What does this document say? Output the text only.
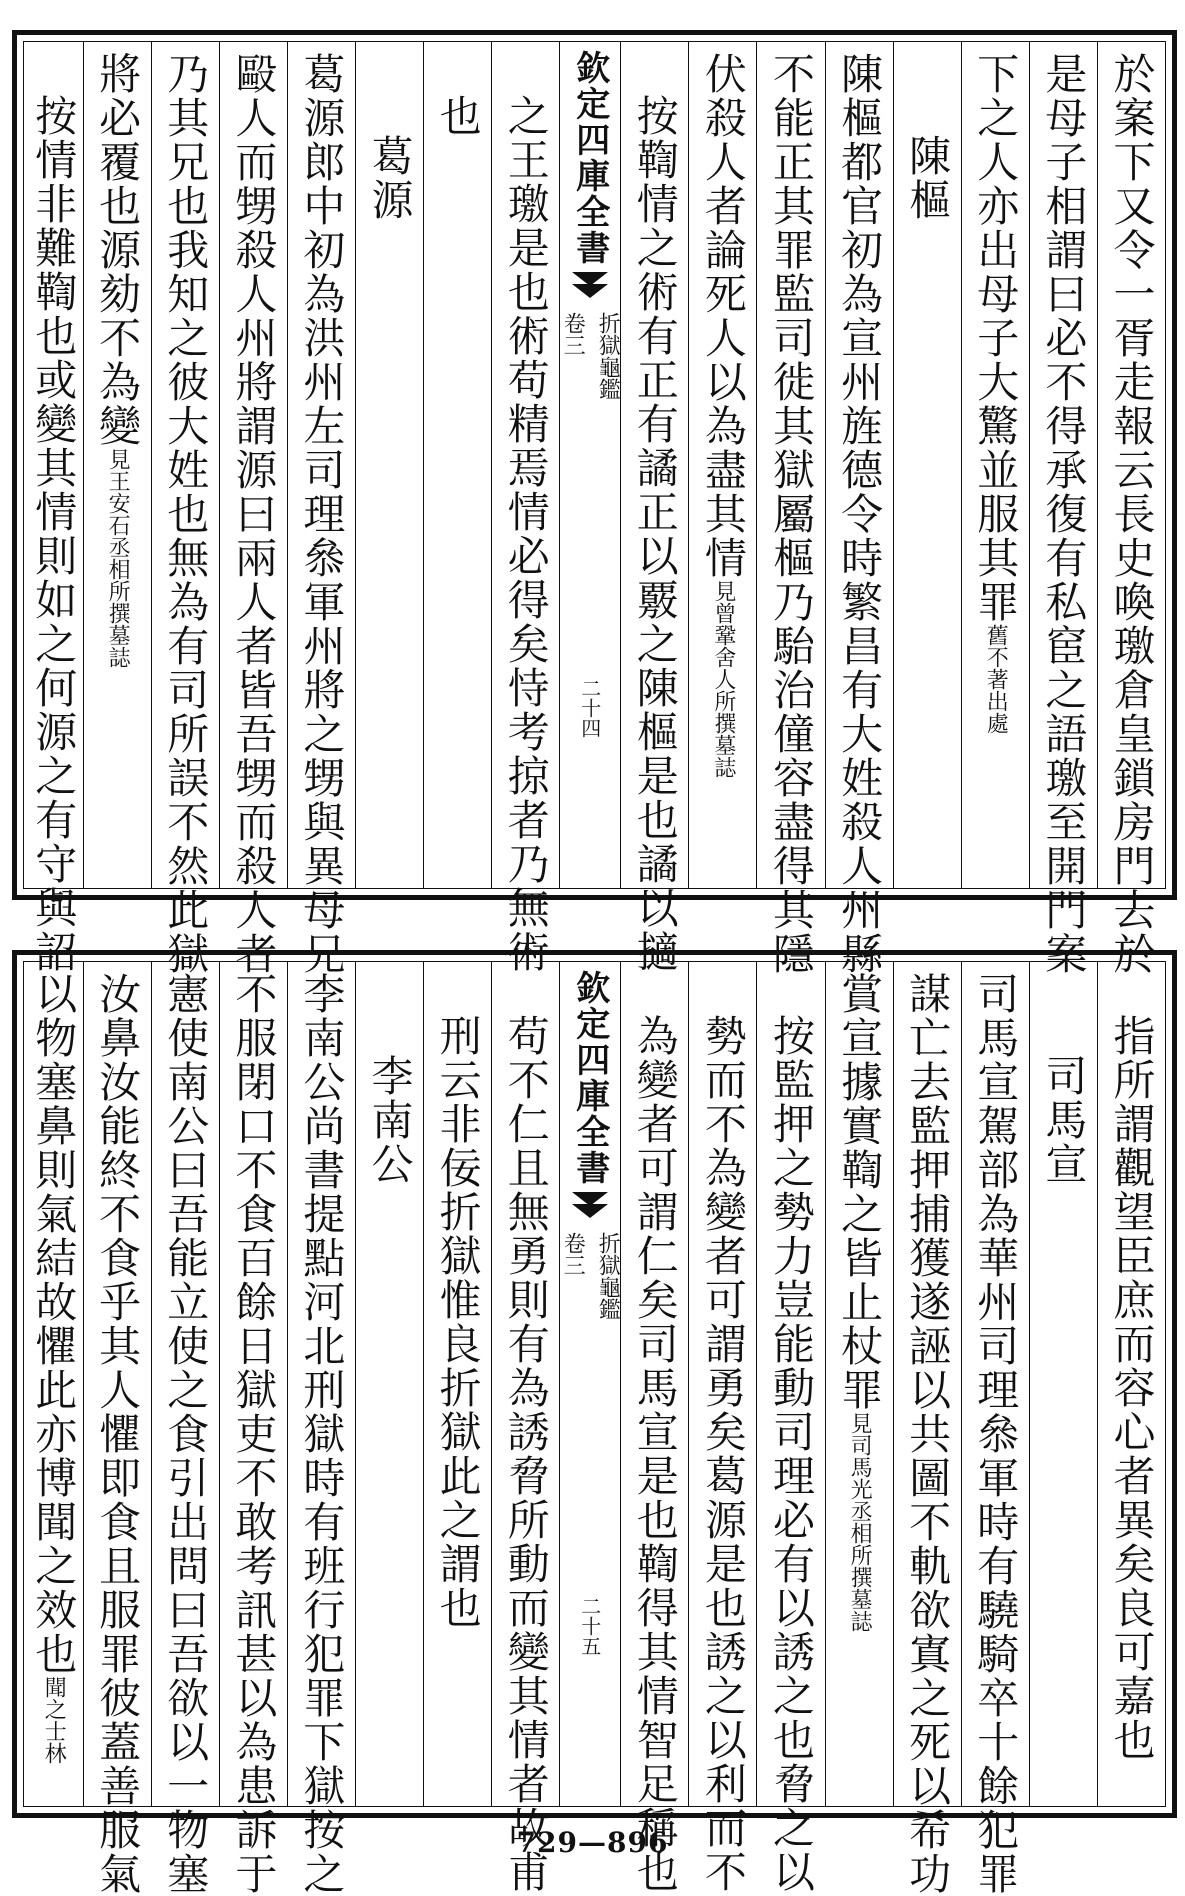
於案下又令一胥走報云長史喚璬倉皇鎖房門去於
是母子相謂曰必不得承復有私䆠之語璬至開門案
下之人亦出母子大驚並服其罪舊不著出處
陳樞
陳樞都官初為宣州旌德令時繁昌有大姓殺人州縣
不能正其罪監司徙其獄屬樞乃駘治僮容盡得其隱
伏殺人者論死人以為盡其情見曾鞏舍人所撰墓誌
按鞫情之術有正有譎正以覈之陳樞是也譎以擿
欽定四庫全書
折獄龜鑑
卷三
二十四
之王璬是也術苟精焉情必得矣恃考掠者乃無術
也
葛源
葛源郎中初為洪州左司理叅軍州將之甥與異母兄
毆人而甥殺人州將謂源曰兩人者皆吾甥而殺人者
乃其兄也我知之彼大姓也無為有司所誤不然此獄
將必覆也源劾不為變見王安石丞相所撰墓誌
按情非難鞫也或變其情則如之何源之有守與詔
指所謂觀望臣庶而容心者異矣良可嘉也
司馬宣
司馬宣駕部為華州司理叅軍時有驍騎卒十餘犯罪
謀亡去監押捕獲遂誣以共圖不軌欲寘之死以希功
賞宣據實鞫之皆止杖罪見司馬光丞相所撰墓誌
按監押之勢力豈能動司理必有以誘之也脅之以
勢而不為變者可謂勇矣葛源是也誘之以利而不
為變者可謂仁矣司馬宣是也鞫得其情智足稱也
欽定四庫全書
折獄龜鑑
卷三
二十五
苟不仁且無勇則有為誘脅所動而變其情者故甫
刑云非佞折獄惟良折獄此之謂也
李南公
李南公尚書提點河北刑獄時有班行犯罪下獄按之
不服閉口不食百餘日獄吏不敢考訊甚以為患訴于
憲使南公曰吾能立使之食引出問曰吾欲以一物塞
汝鼻汝能終不食乎其人懼即食且服罪彼蓋善服氣
以物塞鼻則氣結故懼此亦博聞之效也聞之士林
729—896
